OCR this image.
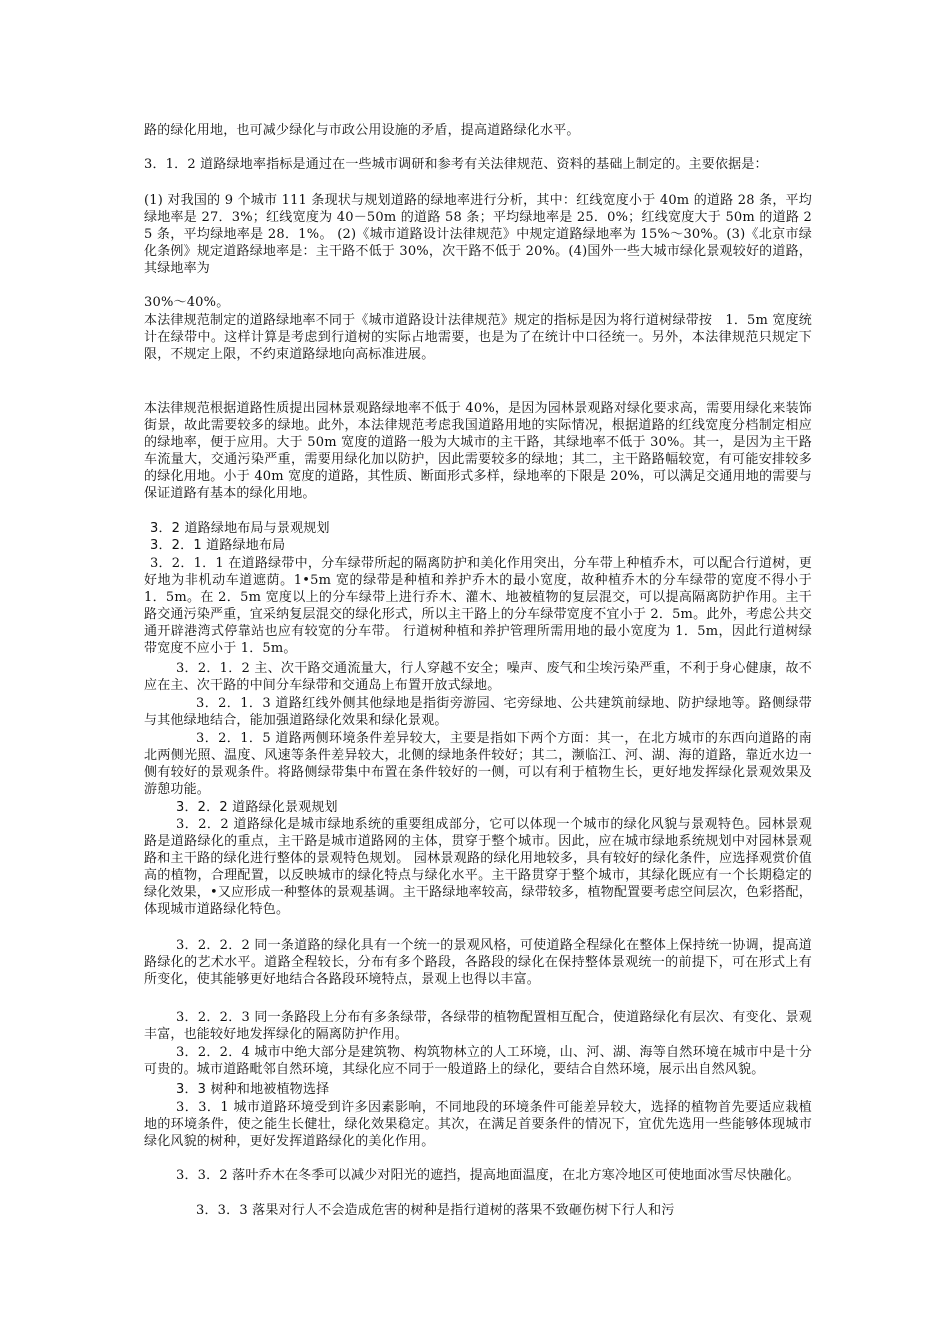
路的绿化用地，也可减少绿化与市政公用设施的矛盾，提高道路绿化水平。

3．1．2 道路绿地率指标是通过在一些城市调研和参考有关法律规范、资料的基础上制定的。主要依据是：

(1) 对我国的 9 个城市 111 条现状与规划道路的绿地率进行分析，其中：红线宽度小于 40m 的道路 28 条，平均绿地率是 27．3%；红线宽度为 40－50m 的道路 58 条；平均绿地率是 25．0%；红线宽度大于 50m 的道路 25 条，平均绿地率是 28．1%。 (2)《城市道路设计法律规范》中规定道路绿地率为 15%～30%。(3)《北京市绿化条例》规定道路绿地率是：主干路不低于 30%，次干路不低于 20%。(4)国外一些大城市绿化景观较好的道路，其绿地率为

30%～40%。

本法律规范制定的道路绿地率不同于《城市道路设计法律规范》规定的指标是因为将行道树绿带按　1．5m 宽度统计在绿带中。这样计算是考虑到行道树的实际占地需要，也是为了在统计中口径统一。另外，本法律规范只规定下限，不规定上限，不约束道路绿地向高标准进展。

本法律规范根据道路性质提出园林景观路绿地率不低于 40%，是因为园林景观路对绿化要求高，需要用绿化来装饰街景，故此需要较多的绿地。此外，本法律规范考虑我国道路用地的实际情况，根据道路的红线宽度分档制定相应的绿地率，便于应用。大于 50m 宽度的道路一般为大城市的主干路，其绿地率不低于 30%。其一，是因为主干路车流量大，交通污染严重，需要用绿化加以防护，因此需要较多的绿地；其二，主干路路幅较宽，有可能安排较多的绿化用地。小于 40m 宽度的道路，其性质、断面形式多样，绿地率的下限是 20%，可以满足交通用地的需要与保证道路有基本的绿化用地。

3．2 道路绿地布局与景观规划

3．2．1 道路绿地布局

3．2．1．1 在道路绿带中，分车绿带所起的隔离防护和美化作用突出，分车带上种植乔木，可以配合行道树，更好地为非机动车道遮荫。1•5m 宽的绿带是种植和养护乔木的最小宽度，故种植乔木的分车绿带的宽度不得小于 1．5m。在 2．5m 宽度以上的分车绿带上进行乔木、灌木、地被植物的复层混交，可以提高隔离防护作用。主干路交通污染严重，宜采纳复层混交的绿化形式，所以主干路上的分车绿带宽度不宜小于 2．5m。此外，考虑公共交通开辟港湾式停靠站也应有较宽的分车带。 行道树种植和养护管理所需用地的最小宽度为 1．5m，因此行道树绿带宽度不应小于 1．5m。

3．2．1．2 主、次干路交通流量大，行人穿越不安全；噪声、废气和尘埃污染严重，不利于身心健康，故不应在主、次干路的中间分车绿带和交通岛上布置开放式绿地。

3．2．1．3 道路红线外侧其他绿地是指街旁游园、宅旁绿地、公共建筑前绿地、防护绿地等。路侧绿带与其他绿地结合，能加强道路绿化效果和绿化景观。

3．2．1．5 道路两侧环境条件差异较大，主要是指如下两个方面：其一，在北方城市的东西向道路的南北两侧光照、温度、风速等条件差异较大，北侧的绿地条件较好；其二，濒临江、河、湖、海的道路，靠近水边一侧有较好的景观条件。将路侧绿带集中布置在条件较好的一侧，可以有利于植物生长，更好地发挥绿化景观效果及游憩功能。

3．2．2 道路绿化景观规划

3．2．2 道路绿化是城市绿地系统的重要组成部分，它可以体现一个城市的绿化风貌与景观特色。园林景观路是道路绿化的重点，主干路是城市道路网的主体，贯穿于整个城市。因此，应在城市绿地系统规划中对园林景观路和主干路的绿化进行整体的景观特色规划。 园林景观路的绿化用地较多，具有较好的绿化条件，应选择观赏价值高的植物，合理配置，以反映城市的绿化特点与绿化水平。主干路贯穿于整个城市，其绿化既应有一个长期稳定的绿化效果，•又应形成一种整体的景观基调。主干路绿地率较高，绿带较多，植物配置要考虑空间层次，色彩搭配，体现城市道路绿化特色。

3．2．2．2 同一条道路的绿化具有一个统一的景观风格，可使道路全程绿化在整体上保持统一协调，提高道路绿化的艺术水平。道路全程较长，分布有多个路段，各路段的绿化在保持整体景观统一的前提下，可在形式上有所变化，使其能够更好地结合各路段环境特点，景观上也得以丰富。

3．2．2．3 同一条路段上分布有多条绿带，各绿带的植物配置相互配合，使道路绿化有层次、有变化、景观丰富，也能较好地发挥绿化的隔离防护作用。

3．2．2．4 城市中绝大部分是建筑物、构筑物林立的人工环境，山、河、湖、海等自然环境在城市中是十分可贵的。城市道路毗邻自然环境，其绿化应不同于一般道路上的绿化，要结合自然环境，展示出自然风貌。

3．3 树种和地被植物选择

3．3．1 城市道路环境受到许多因素影响，不同地段的环境条件可能差异较大，选择的植物首先要适应栽植地的环境条件，使之能生长健壮，绿化效果稳定。其次，在满足首要条件的情况下，宜优先选用一些能够体现城市绿化风貌的树种，更好发挥道路绿化的美化作用。

3．3．2 落叶乔木在冬季可以减少对阳光的遮挡，提高地面温度，在北方寒冷地区可使地面冰雪尽快融化。

3．3．3 落果对行人不会造成危害的树种是指行道树的落果不致砸伤树下行人和污
